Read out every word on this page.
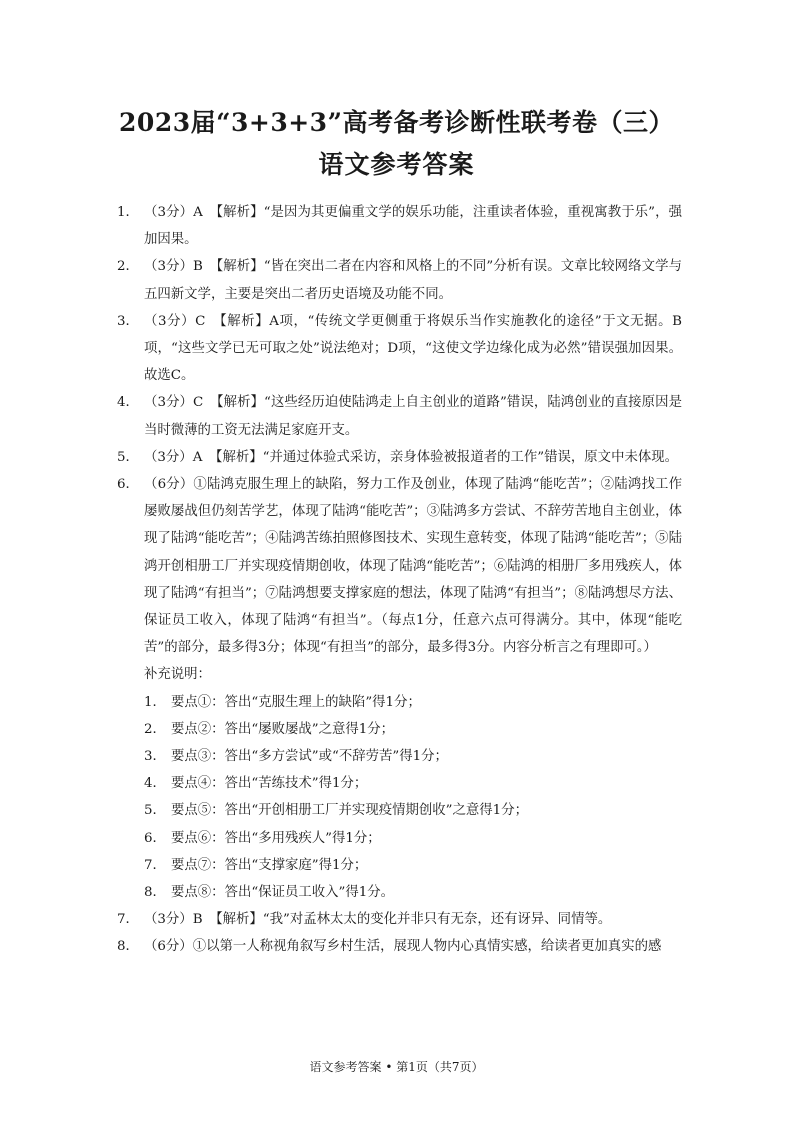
2023届“3+3+3”高考备考诊断性联考卷（三）
语文参考答案
1． （3分）A　【解析】“是因为其更偏重文学的娱乐功能，注重读者体验，重视寓教于乐”，强加因果。
2． （3分）B　【解析】“皆在突出二者在内容和风格上的不同”分析有误。文章比较网络文学与五四新文学，主要是突出二者历史语境及功能不同。
3． （3分）C　【解析】A项，“传统文学更侧重于将娱乐当作实施教化的途径”于文无据。B项，“这些文学已无可取之处”说法绝对；D项，“这使文学边缘化成为必然”错误强加因果。故选C。
4． （3分）C　【解析】“这些经历迫使陆鸿走上自主创业的道路”错误，陆鸿创业的直接原因是当时微薄的工资无法满足家庭开支。
5． （3分）A　【解析】“并通过体验式采访，亲身体验被报道者的工作”错误，原文中未体现。
6． （6分）①陆鸿克服生理上的缺陷，努力工作及创业，体现了陆鸿“能吃苦”；②陆鸿找工作屡败屡战但仍刻苦学艺，体现了陆鸿“能吃苦”；③陆鸿多方尝试、不辞劳苦地自主创业，体现了陆鸿“能吃苦”；④陆鸿苦练拍照修图技术、实现生意转变，体现了陆鸿“能吃苦”；⑤陆鸿开创相册工厂并实现疫情期创收，体现了陆鸿“能吃苦”；⑥陆鸿的相册厂多用残疾人，体现了陆鸿“有担当”；⑦陆鸿想要支撑家庭的想法，体现了陆鸿“有担当”；⑧陆鸿想尽方法、保证员工收入，体现了陆鸿“有担当”。（每点1分，任意六点可得满分。其中，体现“能吃苦”的部分，最多得3分；体现“有担当”的部分，最多得3分。内容分析言之有理即可。）
补充说明：
1． 要点①：答出“克服生理上的缺陷”得1分；
2． 要点②：答出“屡败屡战”之意得1分；
3． 要点③：答出“多方尝试”或“不辞劳苦”得1分；
4． 要点④：答出“苦练技术”得1分；
5． 要点⑤：答出“开创相册工厂并实现疫情期创收”之意得1分；
6． 要点⑥：答出“多用残疾人”得1分；
7． 要点⑦：答出“支撑家庭”得1分；
8． 要点⑧：答出“保证员工收入”得1分。
7． （3分）B　【解析】“我”对孟林太太的变化并非只有无奈，还有讶异、同情等。
8． （6分）①以第一人称视角叙写乡村生活，展现人物内心真情实感，给读者更加真实的感
语文参考答案 • 第1页（共7页）
